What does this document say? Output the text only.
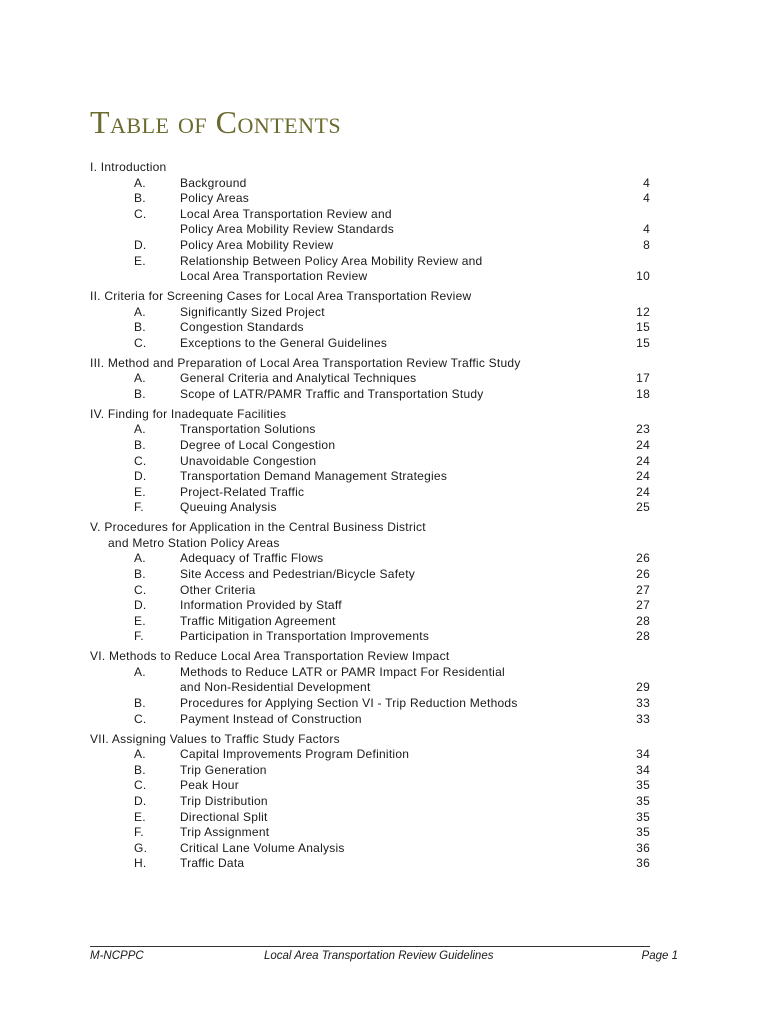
Table of Contents
I. Introduction
A.	Background	4
B.	Policy Areas	4
C.	Local Area Transportation Review and
Policy Area Mobility Review Standards	4
D.	Policy Area Mobility Review	8
E.	Relationship Between Policy Area Mobility Review and
Local Area Transportation Review	10
II. Criteria for Screening Cases for Local Area Transportation Review
A.	Significantly Sized Project	12
B.	Congestion Standards	15
C.	Exceptions to the General Guidelines	15
III. Method and Preparation of Local Area Transportation Review Traffic Study
A.	General Criteria and Analytical Techniques	17
B.	Scope of LATR/PAMR Traffic and Transportation Study	18
IV. Finding for Inadequate Facilities
A.	Transportation Solutions	23
B.	Degree of Local Congestion	24
C.	Unavoidable Congestion	24
D.	Transportation Demand Management Strategies	24
E.	Project-Related Traffic	24
F.	Queuing Analysis	25
V. Procedures for Application in the Central Business District
and Metro Station Policy Areas
A.	Adequacy of Traffic Flows	26
B.	Site Access and Pedestrian/Bicycle Safety	26
C.	Other Criteria	27
D.	Information Provided by Staff	27
E.	Traffic Mitigation Agreement	28
F.	Participation in Transportation Improvements	28
VI. Methods to Reduce Local Area Transportation Review Impact
A.	Methods to Reduce LATR or PAMR Impact For Residential
and Non-Residential Development	29
B.	Procedures for Applying Section VI - Trip Reduction Methods	33
C.	Payment Instead of Construction	33
VII. Assigning Values to Traffic Study Factors
A.	Capital Improvements Program Definition	34
B.	Trip Generation	34
C.	Peak Hour	35
D.	Trip Distribution	35
E.	Directional Split	35
F.	Trip Assignment	35
G.	Critical Lane Volume Analysis	36
H.	Traffic Data	36
M-NCPPC	Local Area Transportation Review Guidelines	Page 1
